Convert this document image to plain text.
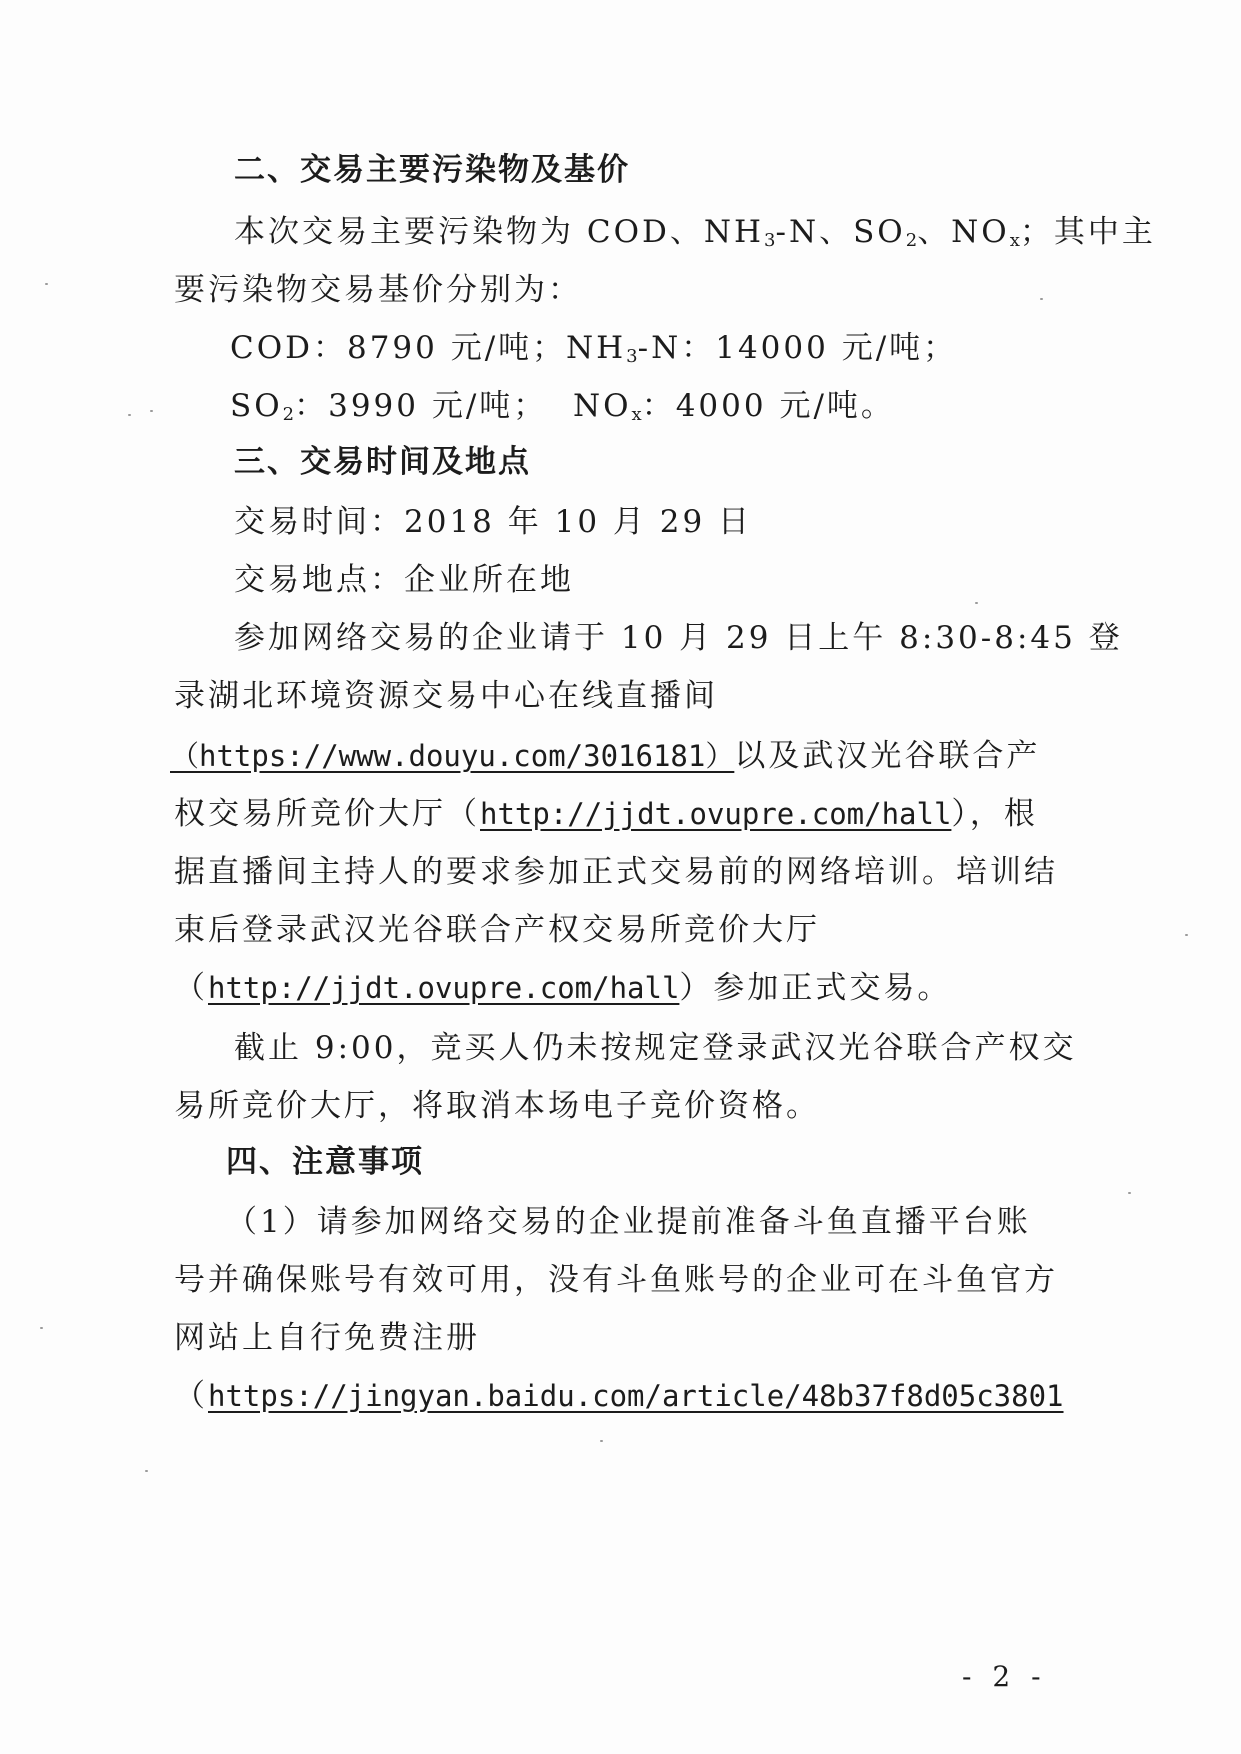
二、交易主要污染物及基价
本次交易主要污染物为 COD、$NH_3-N$、$SO_2$、$NO_x$；其中主
要污染物交易基价分别为：
COD：8790 元/吨； $NH_3-N$：14000 元/吨；
$SO_2$：3990 元/吨； $NO_x$：4000 元/吨。
三、交易时间及地点
交易时间：2018 年 10 月 29 日
交易地点：企业所在地
参加网络交易的企业请于 10 月 29 日上午 8:30-8:45 登
录湖北环境资源交易中心在线直播间
（https://www.douyu.com/3016181）以及武汉光谷联合产
权交易所竞价大厅（http://jjdt.ovupre.com/hall），根
据直播间主持人的要求参加正式交易前的网络培训。培训结
束后登录武汉光谷联合产权交易所竞价大厅
（http://jjdt.ovupre.com/hall）参加正式交易。
截止 9:00，竞买人仍未按规定登录武汉光谷联合产权交
易所竞价大厅，将取消本场电子竞价资格。
四、注意事项
（1）请参加网络交易的企业提前准备斗鱼直播平台账
号并确保账号有效可用，没有斗鱼账号的企业可在斗鱼官方
网站上自行免费注册
（https://jingyan.baidu.com/article/48b37f8d05c3801
- 2 -
